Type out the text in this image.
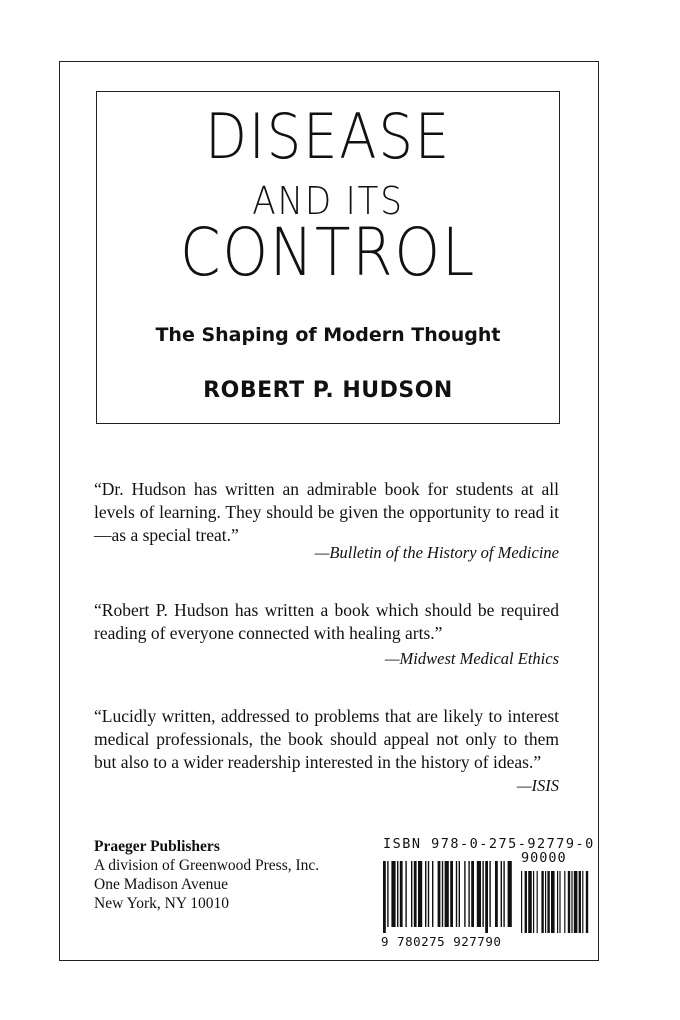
DISEASE
AND ITS
CONTROL
The Shaping of Modern Thought
ROBERT P. HUDSON
“Dr. Hudson has written an admirable book for students at all levels of learning. They should be given the opportunity to read it—as a special treat.”
—Bulletin of the History of Medicine
“Robert P. Hudson has written a book which should be required reading of everyone connected with healing arts.”
—Midwest Medical Ethics
“Lucidly written, addressed to problems that are likely to interest medical professionals, the book should appeal not only to them but also to a wider readership interested in the history of ideas.”
—ISIS
Praeger Publishers
A division of Greenwood Press, Inc.
One Madison Avenue
New York, NY 10010
ISBN 978-0-275-92779-0
90000
9 780275 927790
